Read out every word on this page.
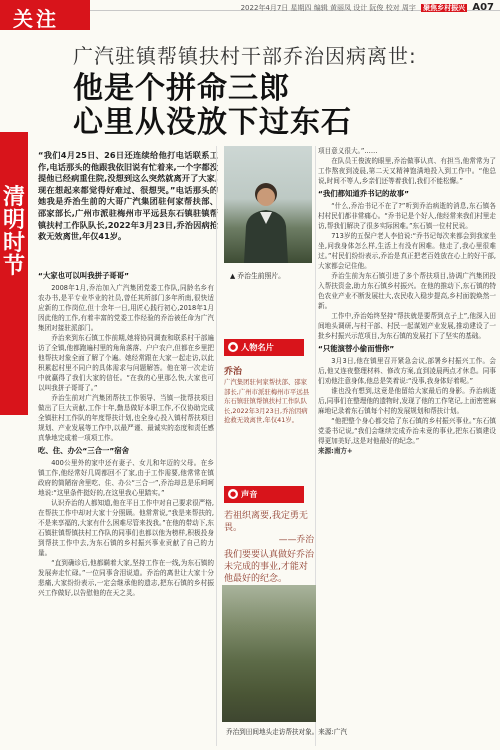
关注	2022年4月7日 星期四 编辑 黄丽凤 设计 阮俊 校对 周宇 聚焦乡村振兴 A07
清
明
时
节
广汽驻镇帮镇扶村干部乔治因病离世:
他是个拼命三郎
心里从没放下过东石
“我们4月25日、26日还连续给他打电话联系工作,电话那头的他跟我依旧说有忙着来,一个字都没提他已经病重住院,没想到这么突然就离开了大家,现在想起来都觉得好难过、很想哭。”电话那头的她我是乔治生前的大哥广汽集团驻何家帮扶部、邵家部长,广州市派驻梅州市平远县东石镇驻镇帮镇扶村工作队队长,2022年3月23日,乔治因病抢救无效离世,年仅41岁。
“大家也可以叫我拼子哥哥”

2008年1月,乔治加入广汽集团党委工作队,同龄名乡有农办书,是平专业毕业的社员,曾任其所部门多年所南,很快适应新的工作岗位,但十余年一日,用匠心践行初心,2018年1月因此他的工作,有着丰富的党委工作经验的乔治被任命为广汽集团对接驻派部门。

乔治来到东石镇工作前期,她将协同调查和联系村干部遍访了全镇,他都跑遍村里的角角落落、户户农户,但都在乡里把他帮扶对象全面了解了个遍。她经常跟在大家一起走访,以此积累起村里不同户的具体需求与问题解答。他在第一次走访中就赢得了我们大家的信任。“在我的心里那么快,大家也可以叫我拼子哥哥了。”

乔治生前对广汽集团帮扶工作领导、当镇一批帮扶项目做出了巨大贡献,工作十年,勤恳做好本职工作,不仅协助完成全镇驻村工作队的年度帮扶计划,也全身心投入镇村帮扶项目规划、产业发展等工作中,以最严谨、最诚实的态度和责任感真挚地完成着一项项工作。

吃、住、办公“三合一”宿舍

400公里外的家中还有妻子、女儿和年迈的父母。在乡镇工作,他经常好几周都回不了家,由于工作需要,他常常在镇政府的简陋宿舍里吃、住、办公“三合一”,乔治却总是乐呵呵地说:“这里条件挺好的,在这里我心里踏实。”

认识乔治的人都知道,他在平日工作中对自己要求很严格,在帮扶工作中却对大家十分照顾。他常常说,“我是来帮扶的,不是来享福的,大家有什么困难尽管来找我。”在他的带动下,东石镇驻镇帮镇扶村工作队的同事们也都以他为榜样,积极投身到帮扶工作中去,为东石镇的乡村振兴事业贡献了自己的力量。

“直到确诊后,他都瞒着大家,坚持工作在一线,为东石镇的发展奔走忙碌。”一位同事含泪说道。乔治的离世让大家十分悲痛,大家纷纷表示,一定会继承他的遗志,把东石镇的乡村振兴工作做好,以告慰他的在天之灵。

▲ 乔治生前照片。
● 人物名片
乔治
广汽集团驻何家帮扶部、邵家部长,广州市派驻梅州市平远县东石镇驻镇帮镇扶村工作队队长,2022年3月23日,乔治因病抢救无效离世,年仅41岁。
● 声音
若祖织离要,我定勇无畏。
——乔治
我们要要认真做好乔治未完成的事业,才能对他最好的纪念。
乔治到田间地头走访帮扶对象。来源:广汽

项目意义很大。”……

在队员王俊波的眼里,乔治做事认真、有担当,他常常为了工作熬夜到凌晨,第二天又精神饱满地投入到工作中。“他总说,时间不等人,乡亲们还等着我们,我们不能松懈。”

“我们都知道乔书记的故事”

“什么,乔治书记不在了?”听到乔治病逝的消息,东石镇各村村民们都非常痛心。“乔书记是个好人,他经常来我们村里走访,帮我们解决了很多实际困难。”东石镇一位村民说。

713岁的五保户老人李伯说:“乔书记每次来都会到我家坐坐,问我身体怎么样,生活上有没有困难。他走了,我心里很难过。”村民们纷纷表示,乔治是真正把老百姓放在心上的好干部,大家都会记住他。

乔治生前为东石镇引进了多个帮扶项目,协调广汽集团投入帮扶资金,助力东石镇乡村振兴。在他的推动下,东石镇的特色农业产业不断发展壮大,农民收入稳步提高,乡村面貌焕然一新。

工作中,乔治始终坚持“帮扶就是要帮到点子上”,他深入田间地头调研,与村干部、村民一起谋划产业发展,推动建设了一批乡村振兴示范项目,为东石镇的发展打下了坚实的基础。

“只能演替小偷而惜你”

3月3日,他在镇里召开紧急会议,部署乡村振兴工作。会后,他又连夜整理材料、修改方案,直到凌晨两点才休息。同事们劝他注意身体,他总是笑着说:“没事,我身体好着呢。”

谁也没有想到,这竟是他留给大家最后的身影。乔治病逝后,同事们在整理他的遗物时,发现了他的工作笔记,上面密密麻麻地记录着东石镇每个村的发展规划和帮扶计划。

“他把整个身心都交给了东石镇的乡村振兴事业。”东石镇党委书记说,“我们会继续完成乔治未竟的事业,把东石镇建设得更加美好,这是对他最好的纪念。”

来源:南方+
